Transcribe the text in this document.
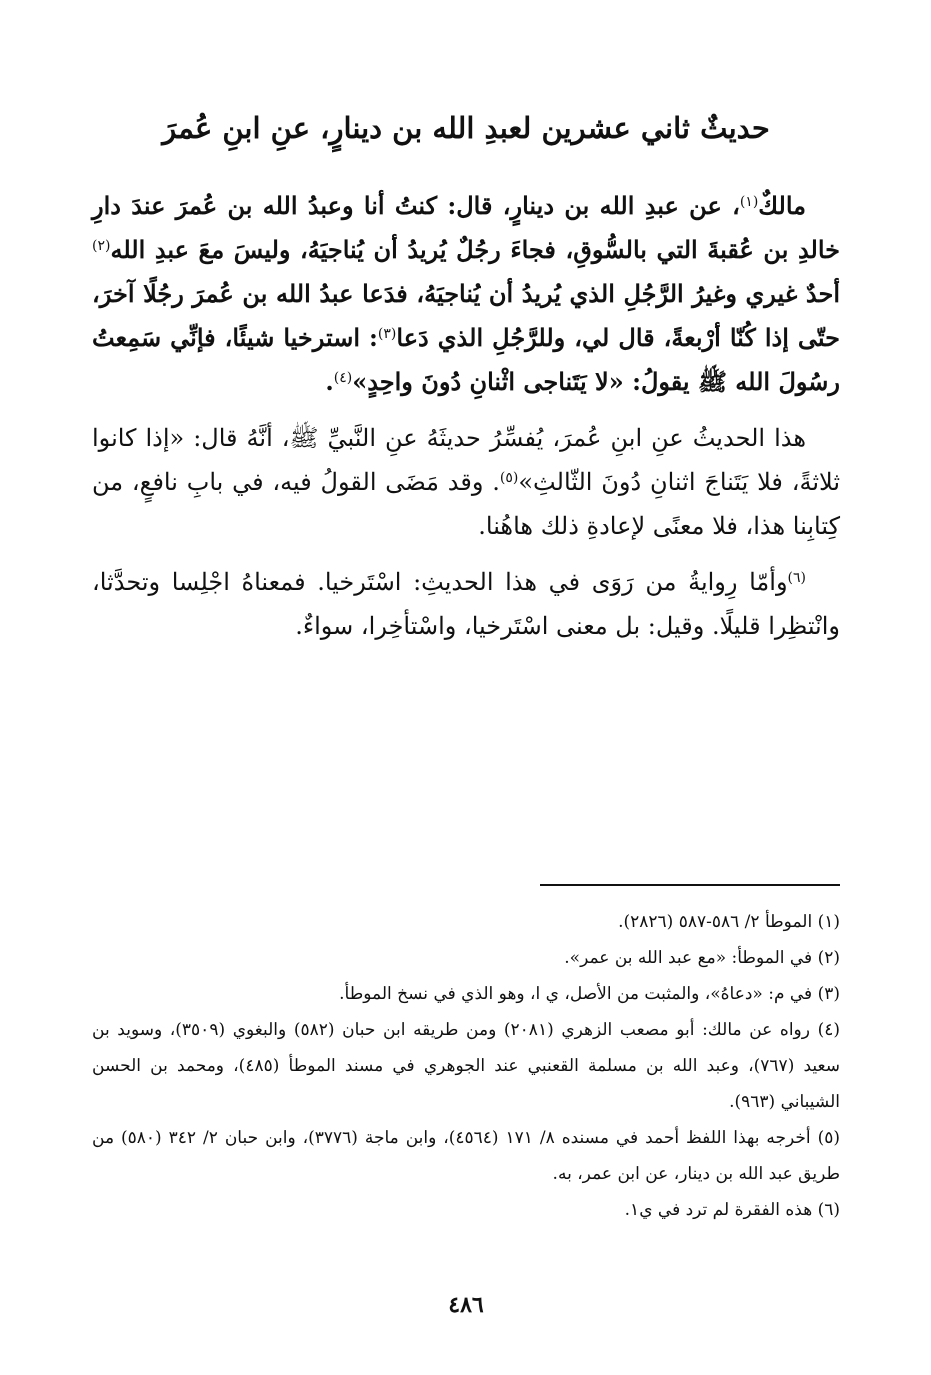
حديثٌ ثاني عشرين لعبدِ الله بن دينارٍ، عنِ ابنِ عُمرَ

مالكٌ$^{(١)}$، عن عبدِ الله بن دينارٍ، قال: كنتُ أنا وعبدُ الله بن عُمرَ عندَ دارِ خالدِ بن عُقبةَ التي بالسُّوقِ، فجاءَ رجُلٌ يُريدُ أن يُناجيَهُ، وليسَ معَ عبدِ الله$^{(٢)}$ أحدٌ غيري وغيرُ الرَّجُلِ الذي يُريدُ أن يُناجيَهُ، فدَعا عبدُ الله بن عُمرَ رجُلًا آخرَ، حتّى إذا كُنّا أرْبعةً، قال لي، وللرَّجُلِ الذي دَعا$^{(٣)}$: استرخيا شيئًا، فإنِّي سَمِعتُ رسُولَ الله ﷺ يقولُ: «لا يَتَناجى اثْنانِ دُونَ واحِدٍ»$^{(٤)}$.

هذا الحديثُ عنِ ابنِ عُمرَ، يُفسِّرُ حديثَهُ عنِ النَّبيِّ ﷺ، أنَّهُ قال: «إذا كانوا ثلاثةً، فلا يَتَناجَ اثنانِ دُونَ الثّالثِ»$^{(٥)}$. وقد مَضَى القولُ فيه، في بابِ نافعٍ، من كِتابِنا هذا، فلا معنًى لإعادةِ ذلك هاهُنا.

$^{(٦)}$وأمّا رِوايةُ من رَوَى في هذا الحديثِ: اسْتَرخيا. فمعناهُ اجْلِسا وتحدَّثا، وانْتظِرا قليلًا. وقيل: بل معنى اسْتَرخيا، واسْتأخِرا، سواءٌ.

(١) الموطأ ٢/ ٥٨٦-٥٨٧ (٢٨٢٦).
(٢) في الموطأ: «مع عبد الله بن عمر».
(٣) في م: «دعاهُ»، والمثبت من الأصل، ي ا، وهو الذي في نسخ الموطأ.
(٤) رواه عن مالك: أبو مصعب الزهري (٢٠٨١) ومن طريقه ابن حبان (٥٨٢) والبغوي (٣٥٠٩)، وسويد بن سعيد (٧٦٧)، وعبد الله بن مسلمة القعنبي عند الجوهري في مسند الموطأ (٤٨٥)، ومحمد بن الحسن الشيباني (٩٦٣).
(٥) أخرجه بهذا اللفظ أحمد في مسنده ٨/ ١٧١ (٤٥٦٤)، وابن ماجة (٣٧٧٦)، وابن حبان ٢/ ٣٤٢ (٥٨٠) من طريق عبد الله بن دينار، عن ابن عمر، به.
(٦) هذه الفقرة لم ترد في ي١.
٤٨٦
